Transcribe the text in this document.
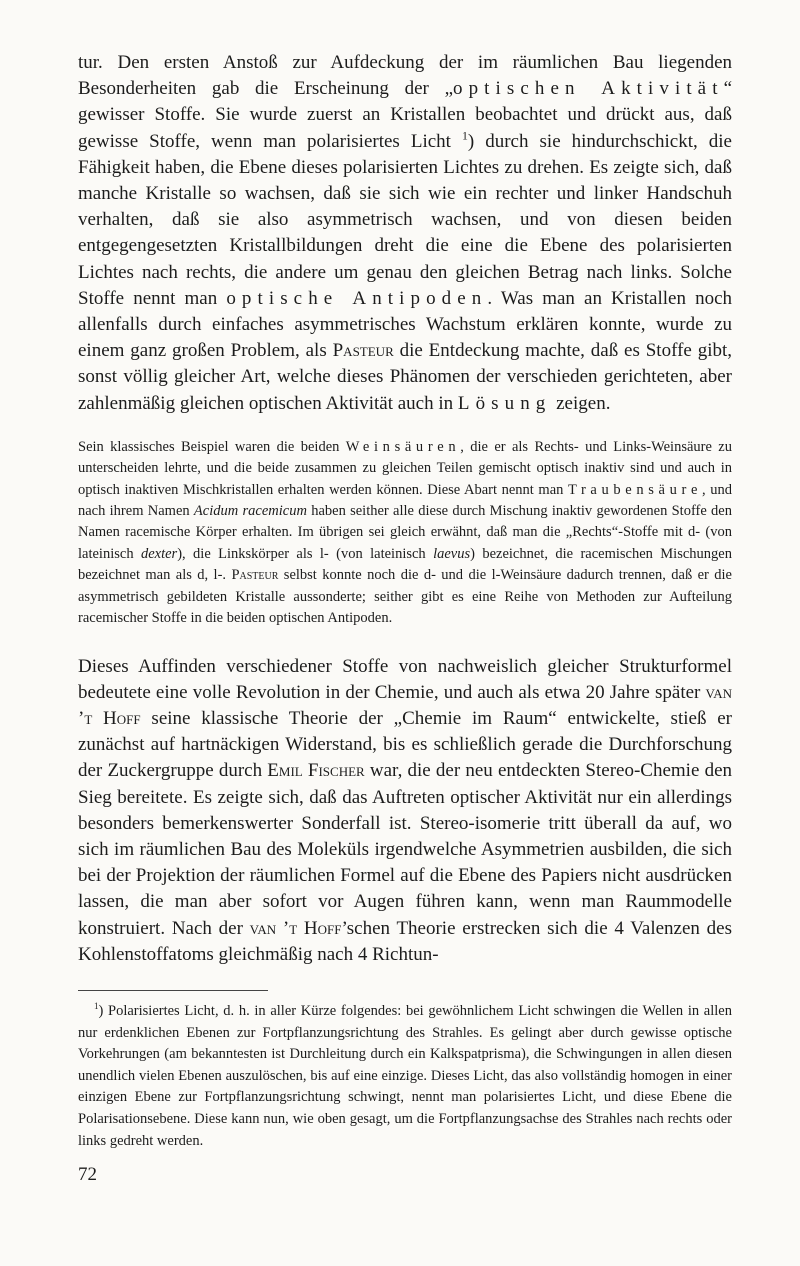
tur. Den ersten Anstoß zur Aufdeckung der im räumlichen Bau liegenden Besonderheiten gab die Erscheinung der „optischen Aktivität“ gewisser Stoffe. Sie wurde zuerst an Kristallen beobachtet und drückt aus, daß gewisse Stoffe, wenn man polarisiertes Licht $^1$) durch sie hindurchschickt, die Fähigkeit haben, die Ebene dieses polarisierten Lichtes zu drehen. Es zeigte sich, daß manche Kristalle so wachsen, daß sie sich wie ein rechter und linker Handschuh verhalten, daß sie also asymmetrisch wachsen, und von diesen beiden entgegengesetzten Kristallbildungen dreht die eine die Ebene des polarisierten Lichtes nach rechts, die andere um genau den gleichen Betrag nach links. Solche Stoffe nennt man optische Antipoden. Was man an Kristallen noch allenfalls durch einfaches asymmetrisches Wachstum erklären konnte, wurde zu einem ganz großen Problem, als Pasteur die Entdeckung machte, daß es Stoffe gibt, sonst völlig gleicher Art, welche dieses Phänomen der verschieden gerichteten, aber zahlenmäßig gleichen optischen Aktivität auch in Lösung zeigen.

Sein klassisches Beispiel waren die beiden Weinsäuren, die er als Rechts- und Links-Weinsäure zu unterscheiden lehrte, und die beide zusammen zu gleichen Teilen gemischt optisch inaktiv sind und auch in optisch inaktiven Mischkristallen erhalten werden können. Diese Abart nennt man Traubensäure, und nach ihrem Namen Acidum racemicum haben seither alle diese durch Mischung inaktiv gewordenen Stoffe den Namen racemische Körper erhalten. Im übrigen sei gleich erwähnt, daß man die „Rechts“-Stoffe mit d- (von lateinisch dexter), die Linkskörper als l- (von lateinisch laevus) bezeichnet, die racemischen Mischungen bezeichnet man als d, l-. Pasteur selbst konnte noch die d- und die l-Weinsäure dadurch trennen, daß er die asymmetrisch gebildeten Kristalle aussonderte; seither gibt es eine Reihe von Methoden zur Aufteilung racemischer Stoffe in die beiden optischen Antipoden.

Dieses Auffinden verschiedener Stoffe von nachweislich gleicher Strukturformel bedeutete eine volle Revolution in der Chemie, und auch als etwa 20 Jahre später van ’t Hoff seine klassische Theorie der „Chemie im Raum“ entwickelte, stieß er zunächst auf hartnäckigen Widerstand, bis es schließlich gerade die Durchforschung der Zuckergruppe durch Emil Fischer war, die der neu entdeckten Stereo-Chemie den Sieg bereitete. Es zeigte sich, daß das Auftreten optischer Aktivität nur ein allerdings besonders bemerkenswerter Sonderfall ist. Stereo-isomerie tritt überall da auf, wo sich im räumlichen Bau des Moleküls irgendwelche Asymmetrien ausbilden, die sich bei der Projektion der räumlichen Formel auf die Ebene des Papiers nicht ausdrücken lassen, die man aber sofort vor Augen führen kann, wenn man Raummodelle konstruiert. Nach der van ’t Hoff’schen Theorie erstrecken sich die 4 Valenzen des Kohlenstoffatoms gleichmäßig nach 4 Richtun-

$^1$) Polarisiertes Licht, d. h. in aller Kürze folgendes: bei gewöhnlichem Licht schwingen die Wellen in allen nur erdenklichen Ebenen zur Fortpflanzungsrichtung des Strahles. Es gelingt aber durch gewisse optische Vorkehrungen (am bekanntesten ist Durchleitung durch ein Kalkspatprisma), die Schwingungen in allen diesen unendlich vielen Ebenen auszulöschen, bis auf eine einzige. Dieses Licht, das also vollständig homogen in einer einzigen Ebene zur Fortpflanzungsrichtung schwingt, nennt man polarisiertes Licht, und diese Ebene die Polarisationsebene. Diese kann nun, wie oben gesagt, um die Fortpflanzungsachse des Strahles nach rechts oder links gedreht werden.

72
